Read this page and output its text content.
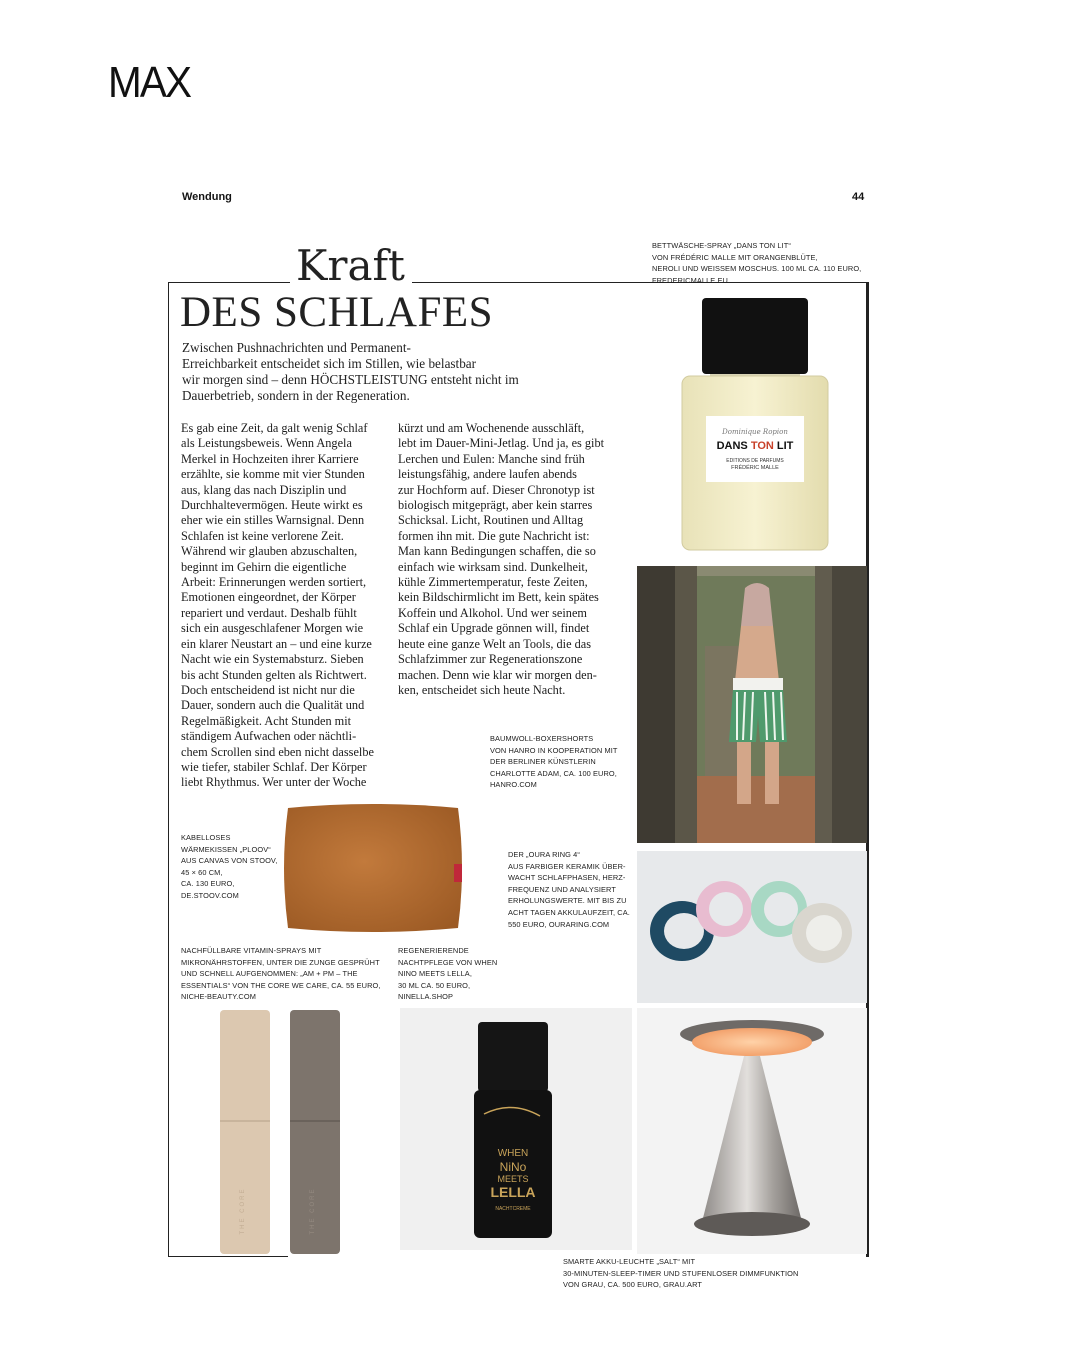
MAX
Wendung	44
Kraft
DES SCHLAFES
Zwischen Pushnachrichten und Permanent-
Erreichbarkeit entscheidet sich im Stillen, wie belastbar
wir morgen sind – denn HÖCHSTLEISTUNG entsteht nicht im
Dauerbetrieb, sondern in der Regeneration.
Es gab eine Zeit, da galt wenig Schlaf
als Leistungsbeweis. Wenn Angela
Merkel in Hochzeiten ihrer Karriere
erzählte, sie komme mit vier Stunden
aus, klang das nach Disziplin und
Durchhaltevermögen. Heute wirkt es
eher wie ein stilles Warnsignal. Denn
Schlafen ist keine verlorene Zeit.
Während wir glauben abzuschalten,
beginnt im Gehirn die eigentliche
Arbeit: Erinnerungen werden sortiert,
Emotionen eingeordnet, der Körper
repariert und verdaut. Deshalb fühlt
sich ein ausgeschlafener Morgen wie
ein klarer Neustart an – und eine kurze
Nacht wie ein Systemabsturz. Sieben
bis acht Stunden gelten als Richtwert.
Doch entscheidend ist nicht nur die
Dauer, sondern auch die Qualität und
Regelmäßigkeit. Acht Stunden mit
ständigem Aufwachen oder nächtli-
chem Scrollen sind eben nicht dasselbe
wie tiefer, stabiler Schlaf. Der Körper
liebt Rhythmus. Wer unter der Woche
kürzt und am Wochenende ausschläft,
lebt im Dauer-Mini-Jetlag. Und ja, es gibt
Lerchen und Eulen: Manche sind früh
leistungsfähig, andere laufen abends
zur Hochform auf. Dieser Chronotyp ist
biologisch mitgeprägt, aber kein starres
Schicksal. Licht, Routinen und Alltag
formen ihn mit. Die gute Nachricht ist:
Man kann Bedingungen schaffen, die so
einfach wie wirksam sind. Dunkelheit,
kühle Zimmertemperatur, feste Zeiten,
kein Bildschirmlicht im Bett, kein spätes
Koffein und Alkohol. Und wer seinem
Schlaf ein Upgrade gönnen will, findet
heute eine ganze Welt an Tools, die das
Schlafzimmer zur Regenerationszone
machen. Denn wie klar wir morgen den-
ken, entscheidet sich heute Nacht.
BETTWÄSCHE-SPRAY „DANS TON LIT“
VON FRÉDÉRIC MALLE MIT ORANGENBLÜTE,
NEROLI UND WEISSEM MOSCHUS. 100 ML CA. 110 EURO,
FREDERICMALLE.EU
Dominique Ropion
DANS TON LIT
EDITIONS DE PARFUMS
FRÉDÉRIC MALLE
BAUMWOLL-BOXERSHORTS
VON HANRO IN KOOPERATION MIT
DER BERLINER KÜNSTLERIN
CHARLOTTE ADAM, CA. 100 EURO,
HANRO.COM
KABELLOSES
WÄRMEKISSEN „PLOOV“
AUS CANVAS VON STOOV,
45 × 60 CM,
CA. 130 EURO,
DE.STOOV.COM
DER „OURA RING 4“
AUS FARBIGER KERAMIK ÜBER-
WACHT SCHLAFPHASEN, HERZ-
FREQUENZ UND ANALYSIERT
ERHOLUNGSWERTE. MIT BIS ZU
ACHT TAGEN AKKULAUFZEIT, CA.
550 EURO, OURARING.COM
NACHFÜLLBARE VITAMIN-SPRAYS MIT
MIKRONÄHRSTOFFEN, UNTER DIE ZUNGE GESPRÜHT
UND SCHNELL AUFGENOMMEN: „AM + PM – THE
ESSENTIALS“ VON THE CORE WE CARE, CA. 55 EURO,
NICHE-BEAUTY.COM
REGENERIERENDE
NACHTPFLEGE VON WHEN
NINO MEETS LELLA,
30 ML CA. 50 EURO,
NINELLA.SHOP
THE CORE	THE CORE
WHEN
NiNo
MEETS
LELLA
NACHTCREME
SMARTE AKKU-LEUCHTE „SALT“ MIT
30-MINUTEN-SLEEP-TIMER UND STUFENLOSER DIMMFUNKTION
VON GRAU, CA. 500 EURO, GRAU.ART
